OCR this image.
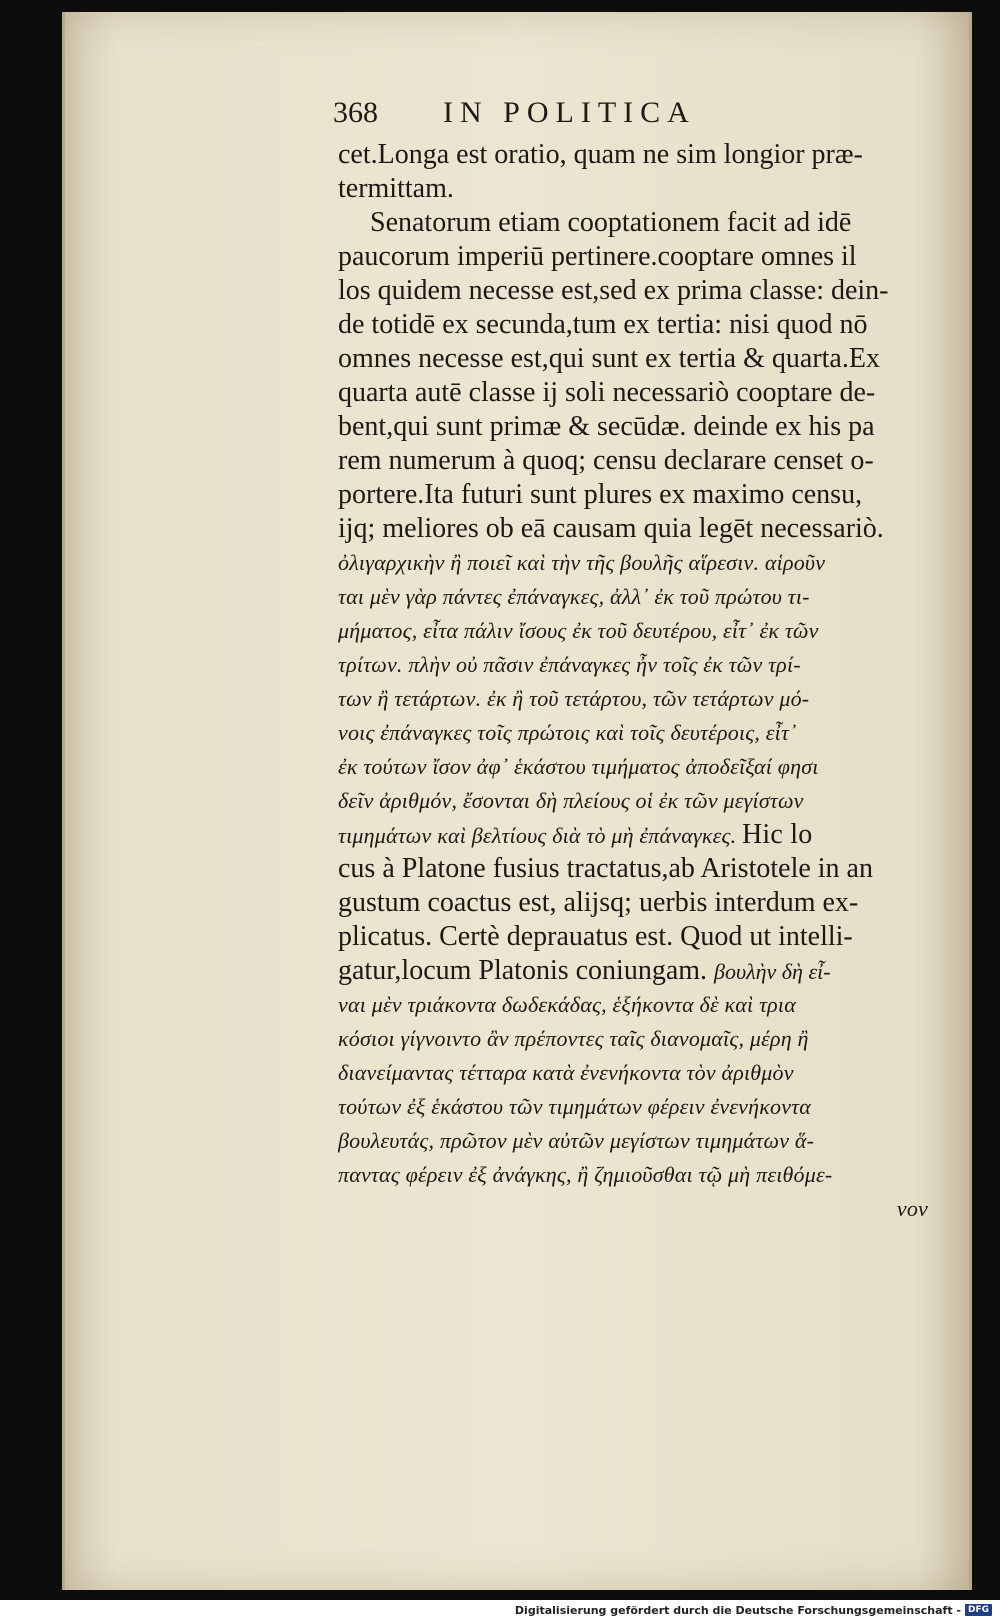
368 IN POLITICA
cet.Longa est oratio, quam ne sim longior præ‑
termittam.
Senatorum etiam cooptationem facit ad idē
paucorum imperiū pertinere.cooptare omnes il
los quidem necesse est,sed ex prima classe: dein‑
de totidē ex secunda,tum ex tertia: nisi quod nō
omnes necesse est,qui sunt ex tertia & quarta.Ex
quarta autē classe ij soli necessariò cooptare de‑
bent,qui sunt primæ & secūdæ. deinde ex his pa
rem numerum à quoq; censu declarare censet o‑
portere.Ita futuri sunt plures ex maximo censu,
ijq; meliores ob eā causam quia legēt necessariò.
ὀλιγαρχικὴν ἢ ποιεῖ καὶ τὴν τῆς βουλῆς αἵρεσιν. αἱροῦν
ται μὲν γὰρ πάντες ἐπάναγκες, ἀλλ᾽ ἐκ τοῦ πρώτου τι‑
μήματος, εἶτα πάλιν ἴσους ἐκ τοῦ δευτέρου, εἶτ᾽ ἐκ τῶν
τρίτων. πλὴν οὐ πᾶσιν ἐπάναγκες ἦν τοῖς ἐκ τῶν τρί‑
των ἢ τετάρτων. ἐκ ἢ τοῦ τετάρτου, τῶν τετάρτων μό‑
νοις ἐπάναγκες τοῖς πρώτοις καὶ τοῖς δευτέροις, εἶτ᾽
ἐκ τούτων ἴσον ἀφ᾽ ἑκάστου τιμήματος ἀποδεῖξαί φησι
δεῖν ἀριθμόν, ἔσονται δὴ πλείους οἱ ἐκ τῶν μεγίστων
τιμημάτων καὶ βελτίους διὰ τὸ μὴ ἐπάναγκες. Hic lo
cus à Platone fusius tractatus,ab Aristotele in an
gustum coactus est, alijsq; uerbis interdum ex‑
plicatus. Certè deprauatus est. Quod ut intelli‑
gatur,locum Platonis coniungam. βουλὴν δὴ εἶ‑
ναι μὲν τριάκοντα δωδεκάδας, ἑξήκοντα δὲ καὶ τρια
κόσιοι γίγνοιντο ἂν πρέποντες ταῖς διανομαῖς, μέρη ἢ
διανείμαντας τέτταρα κατὰ ἐνενήκοντα τὸν ἀριθμὸν
τούτων ἐξ ἑκάστου τῶν τιμημάτων φέρειν ἐνενήκοντα
βουλευτάς, πρῶτον μὲν αὐτῶν μεγίστων τιμημάτων ἅ‑
παντας φέρειν ἐξ ἀνάγκης, ἢ ζημιοῦσθαι τῷ μὴ πειθόμε‑
νον
Digitalisierung gefördert durch die Deutsche Forschungsgemeinschaft - DFG
